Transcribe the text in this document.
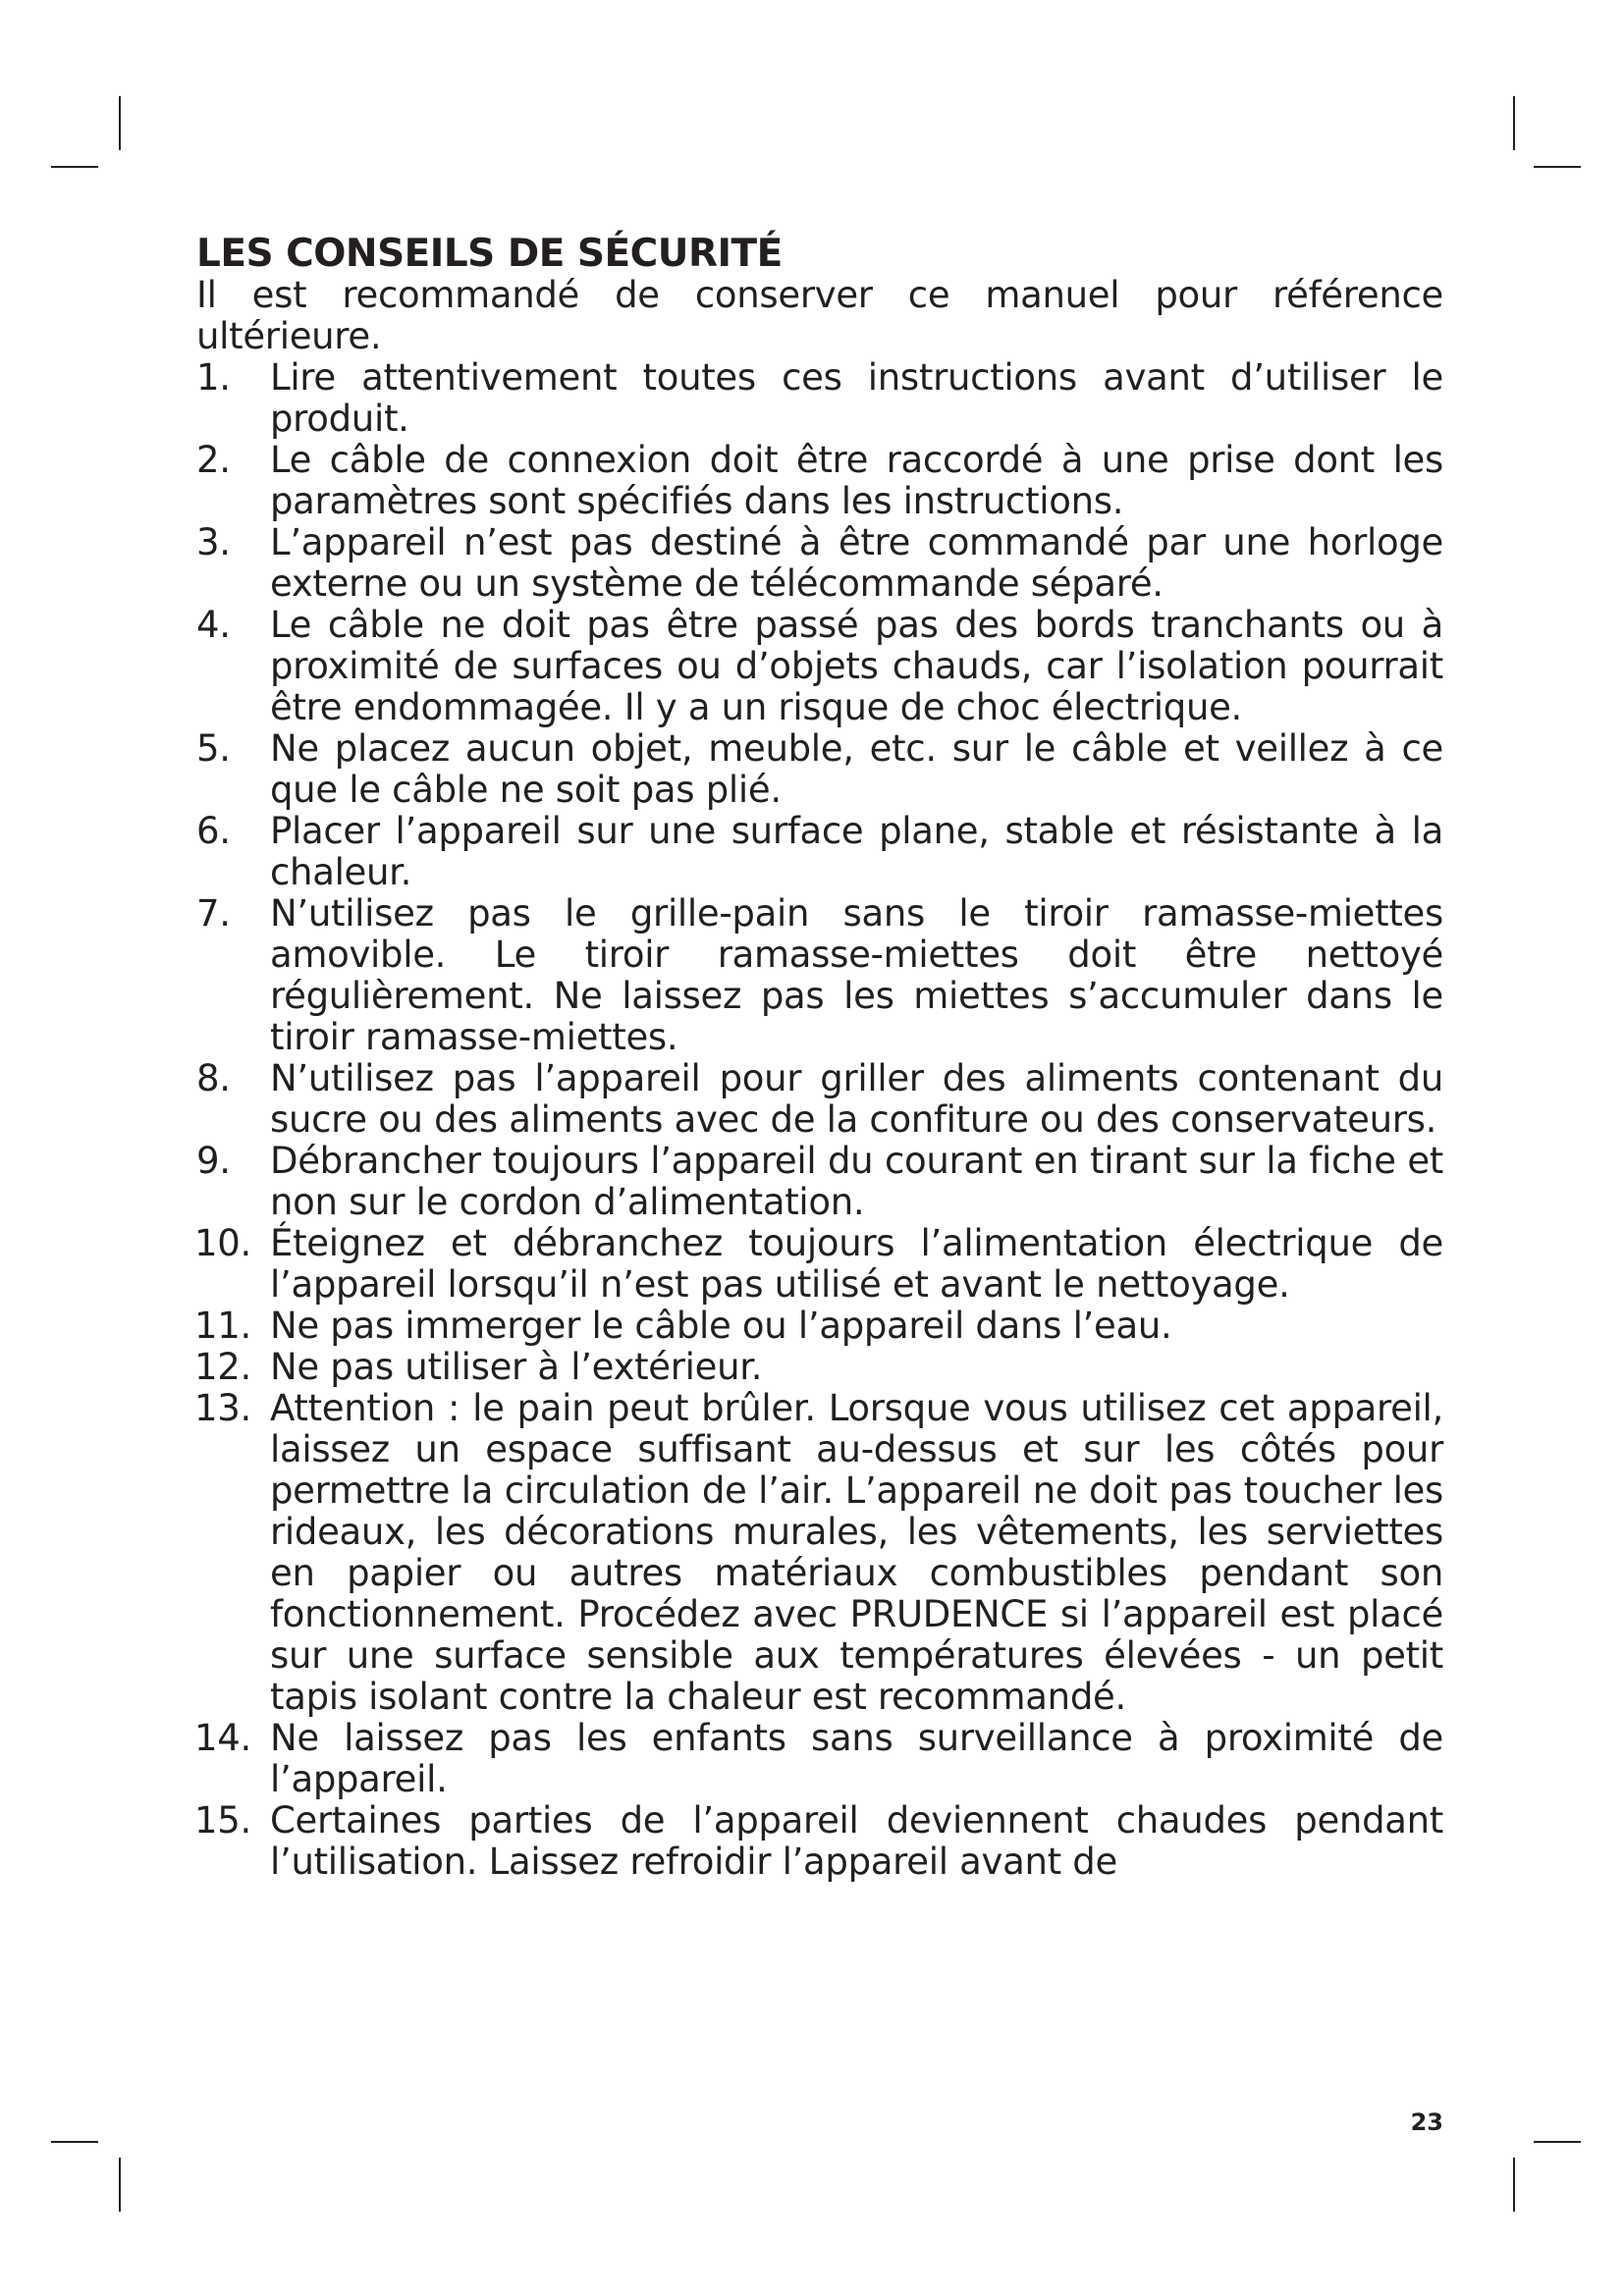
LES CONSEILS DE SÉCURITÉ

Il est recommandé de conserver ce manuel pour référence ultérieure.

1.	Lire attentivement toutes ces instructions avant d’utiliser le produit.
2.	Le câble de connexion doit être raccordé à une prise dont les paramètres sont spécifiés dans les instructions.
3.	L’appareil n’est pas destiné à être commandé par une horloge externe ou un système de télécommande séparé.
4.	Le câble ne doit pas être passé pas des bords tranchants ou à proximité de surfaces ou d’objets chauds, car l’isolation pourrait être endommagée. Il y a un risque de choc électrique.
5.	Ne placez aucun objet, meuble, etc. sur le câble et veillez à ce que le câble ne soit pas plié.
6.	Placer l’appareil sur une surface plane, stable et résistante à la chaleur.
7.	N’utilisez pas le grille-pain sans le tiroir ramasse-miettes amovible. Le tiroir ramasse-miettes doit être nettoyé régulièrement. Ne laissez pas les miettes s’accumuler dans le tiroir ramasse-miettes.
8.	N’utilisez pas l’appareil pour griller des aliments contenant du sucre ou des aliments avec de la confiture ou des conservateurs.
9.	Débrancher toujours l’appareil du courant en tirant sur la fiche et non sur le cordon d’alimentation.
10. Éteignez et débranchez toujours l’alimentation électrique de l’appareil lorsqu’il n’est pas utilisé et avant le nettoyage.
11. Ne pas immerger le câble ou l’appareil dans l’eau.
12. Ne pas utiliser à l’extérieur.
13. Attention : le pain peut brûler. Lorsque vous utilisez cet appareil, laissez un espace suffisant au-dessus et sur les côtés pour permettre la circulation de l’air. L’appareil ne doit pas toucher les rideaux, les décorations murales, les vêtements, les serviettes en papier ou autres matériaux combustibles pendant son fonctionnement. Procédez avec PRUDENCE si l’appareil est placé sur une surface sensible aux températures élevées - un petit tapis isolant contre la chaleur est recommandé.
14. Ne laissez pas les enfants sans surveillance à proximité de l’appareil.
15. Certaines parties de l’appareil deviennent chaudes pendant l’utilisation. Laissez refroidir l’appareil avant de
23
